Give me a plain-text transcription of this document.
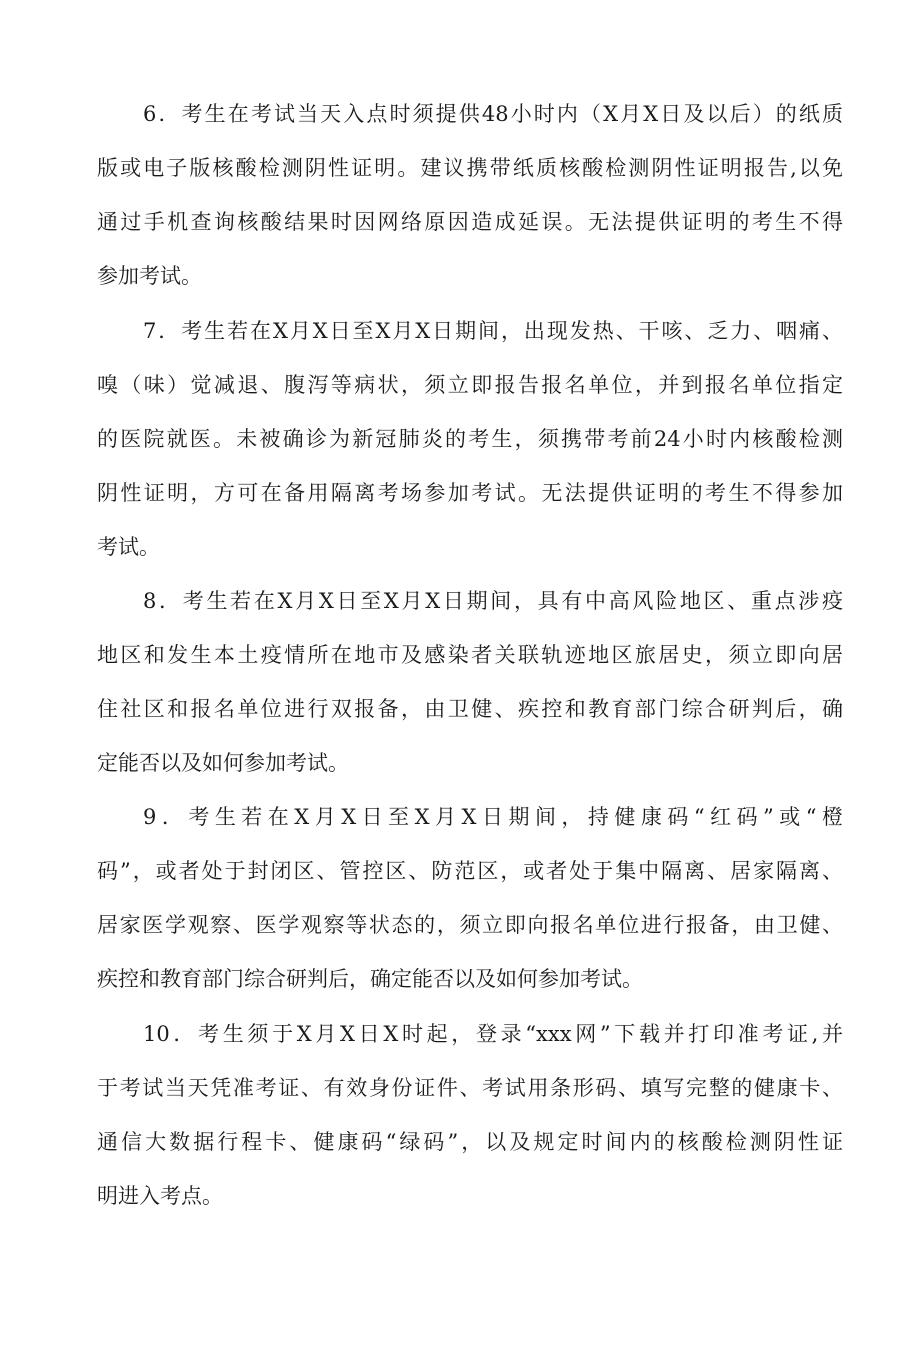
6．考生在考试当天入点时须提供48小时内（X月X日及以后）的纸质
版或电子版核酸检测阴性证明。建议携带纸质核酸检测阴性证明报告,以免
通过手机查询核酸结果时因网络原因造成延误。无法提供证明的考生不得
参加考试。
7．考生若在X月X日至X月X日期间，出现发热、干咳、乏力、咽痛、
嗅（味）觉减退、腹泻等病状，须立即报告报名单位，并到报名单位指定
的医院就医。未被确诊为新冠肺炎的考生，须携带考前24小时内核酸检测
阴性证明，方可在备用隔离考场参加考试。无法提供证明的考生不得参加
考试。
8．考生若在X月X日至X月X日期间，具有中高风险地区、重点涉疫
地区和发生本土疫情所在地市及感染者关联轨迹地区旅居史，须立即向居
住社区和报名单位进行双报备，由卫健、疾控和教育部门综合研判后，确
定能否以及如何参加考试。
9．考生若在X月X日至X月X日期间，持健康码“红码”或“橙
码”，或者处于封闭区、管控区、防范区，或者处于集中隔离、居家隔离、
居家医学观察、医学观察等状态的，须立即向报名单位进行报备，由卫健、
疾控和教育部门综合研判后，确定能否以及如何参加考试。
10．考生须于X月X日X时起，登录“xxx网”下载并打印准考证,并
于考试当天凭准考证、有效身份证件、考试用条形码、填写完整的健康卡、
通信大数据行程卡、健康码“绿码”，以及规定时间内的核酸检测阴性证
明进入考点。
